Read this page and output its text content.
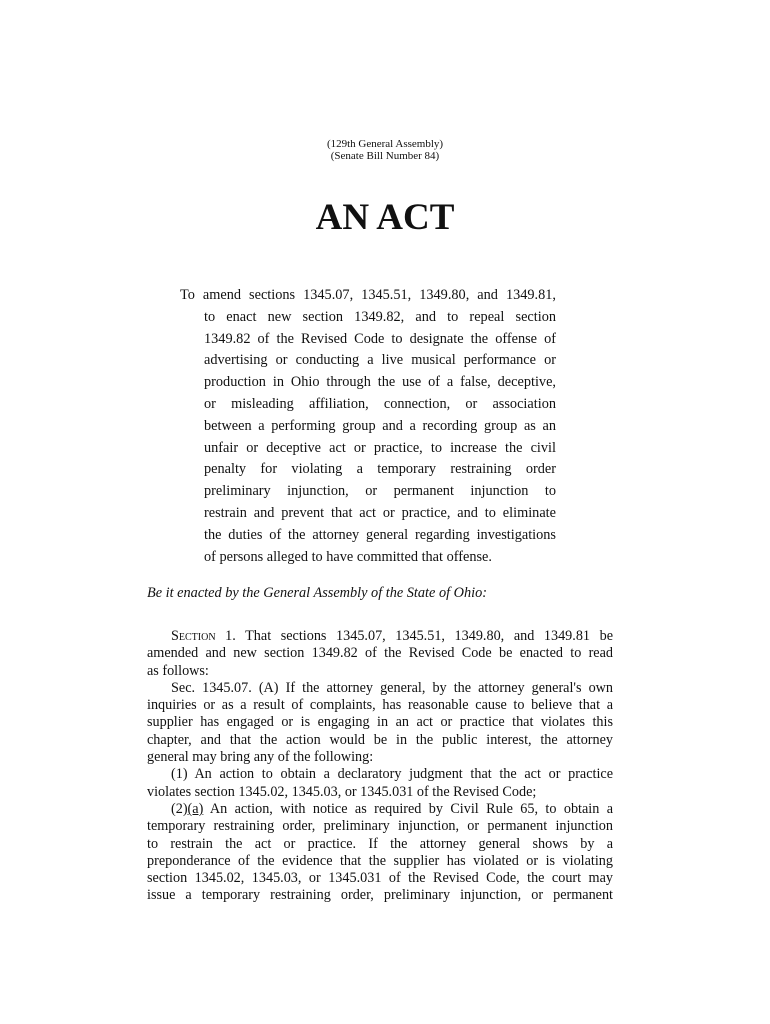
(129th General Assembly)
(Senate Bill Number 84)
AN ACT
To amend sections 1345.07, 1345.51, 1349.80, and 1349.81,
to enact new section 1349.82, and to repeal section
1349.82 of the Revised Code to designate the offense of
advertising or conducting a live musical performance or
production in Ohio through the use of a false, deceptive,
or misleading affiliation, connection, or association
between a performing group and a recording group as an
unfair or deceptive act or practice, to increase the civil
penalty for violating a temporary restraining order
preliminary injunction, or permanent injunction to
restrain and prevent that act or practice, and to eliminate
the duties of the attorney general regarding investigations
of persons alleged to have committed that offense.
Be it enacted by the General Assembly of the State of Ohio:
Section 1. That sections 1345.07, 1345.51, 1349.80, and 1349.81 be
amended and new section 1349.82 of the Revised Code be enacted to read
as follows:
Sec. 1345.07. (A) If the attorney general, by the attorney general's own
inquiries or as a result of complaints, has reasonable cause to believe that a
supplier has engaged or is engaging in an act or practice that violates this
chapter, and that the action would be in the public interest, the attorney
general may bring any of the following:
(1) An action to obtain a declaratory judgment that the act or practice
violates section 1345.02, 1345.03, or 1345.031 of the Revised Code;
(2)(a) An action, with notice as required by Civil Rule 65, to obtain a
temporary restraining order, preliminary injunction, or permanent injunction
to restrain the act or practice. If the attorney general shows by a
preponderance of the evidence that the supplier has violated or is violating
section 1345.02, 1345.03, or 1345.031 of the Revised Code, the court may
issue a temporary restraining order, preliminary injunction, or permanent
